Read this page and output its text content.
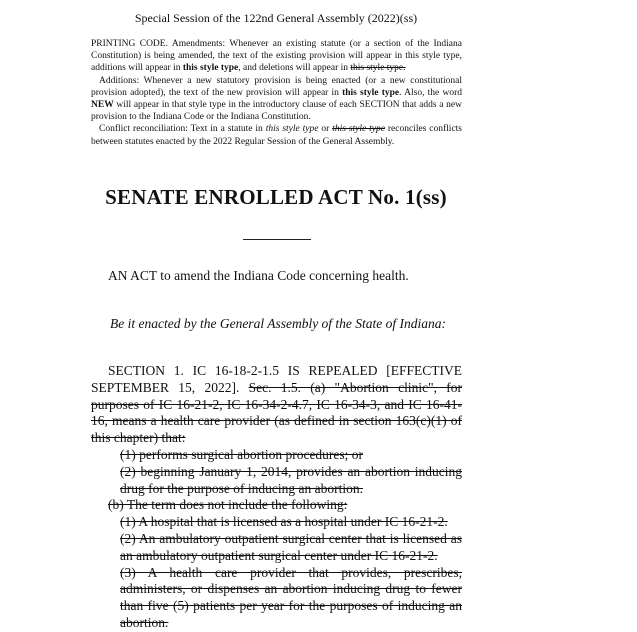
Special Session of the 122nd General Assembly (2022)(ss)

PRINTING CODE. Amendments: Whenever an existing statute (or a section of the Indiana Constitution) is being amended, the text of the existing provision will appear in this style type, additions will appear in this style type, and deletions will appear in this style type.

Additions: Whenever a new statutory provision is being enacted (or a new constitutional provision adopted), the text of the new provision will appear in this style type. Also, the word NEW will appear in that style type in the introductory clause of each SECTION that adds a new provision to the Indiana Code or the Indiana Constitution.

Conflict reconciliation: Text in a statute in this style type or this style type reconciles conflicts between statutes enacted by the 2022 Regular Session of the General Assembly.

SENATE ENROLLED ACT No. 1(ss)
AN ACT to amend the Indiana Code concerning health.
Be it enacted by the General Assembly of the State of Indiana:

SECTION 1. IC 16-18-2-1.5 IS REPEALED [EFFECTIVE SEPTEMBER 15, 2022]. Sec. 1.5. (a) "Abortion clinic", for purposes of IC 16-21-2, IC 16-34-2-4.7, IC 16-34-3, and IC 16-41-16, means a health care provider (as defined in section 163(c)(1) of this chapter) that:

(1) performs surgical abortion procedures; or

(2) beginning January 1, 2014, provides an abortion inducing drug for the purpose of inducing an abortion.

(b) The term does not include the following:

(1) A hospital that is licensed as a hospital under IC 16-21-2.

(2) An ambulatory outpatient surgical center that is licensed as an ambulatory outpatient surgical center under IC 16-21-2.

(3) A health care provider that provides, prescribes, administers, or dispenses an abortion inducing drug to fewer than five (5) patients per year for the purposes of inducing an abortion.
